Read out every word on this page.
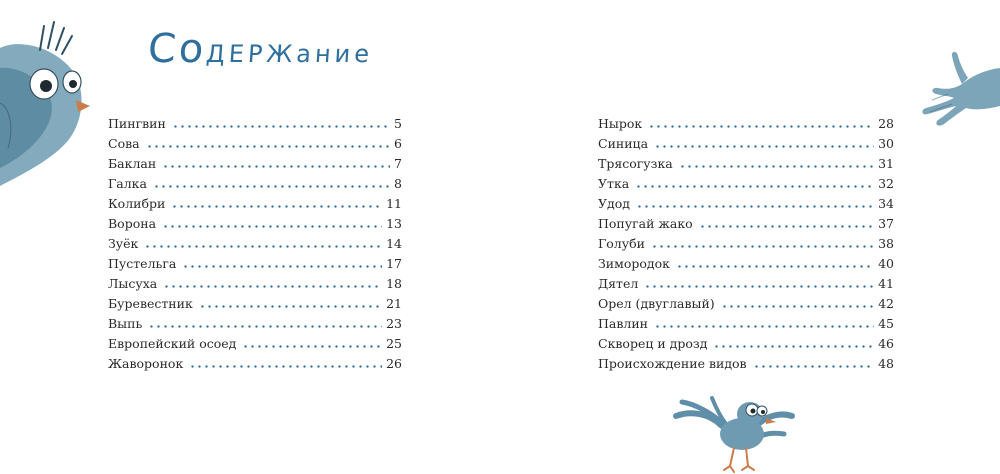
СоДЕРЖание
Пингвин	5
Сова	6
Баклан	7
Галка	8
Колибри	11
Ворона	13
Зуёк	14
Пустельга	17
Лысуха	18
Буревестник	21
Выпь	23
Европейский осоед	25
Жаворонок	26
Нырок	28
Синица	30
Трясогузка	31
Утка	32
Удод	34
Попугай жако	37
Голуби	38
Зимородок	40
Дятел	41
Орел (двуглавый)	42
Павлин	45
Скворец и дрозд	46
Происхождение видов	48
